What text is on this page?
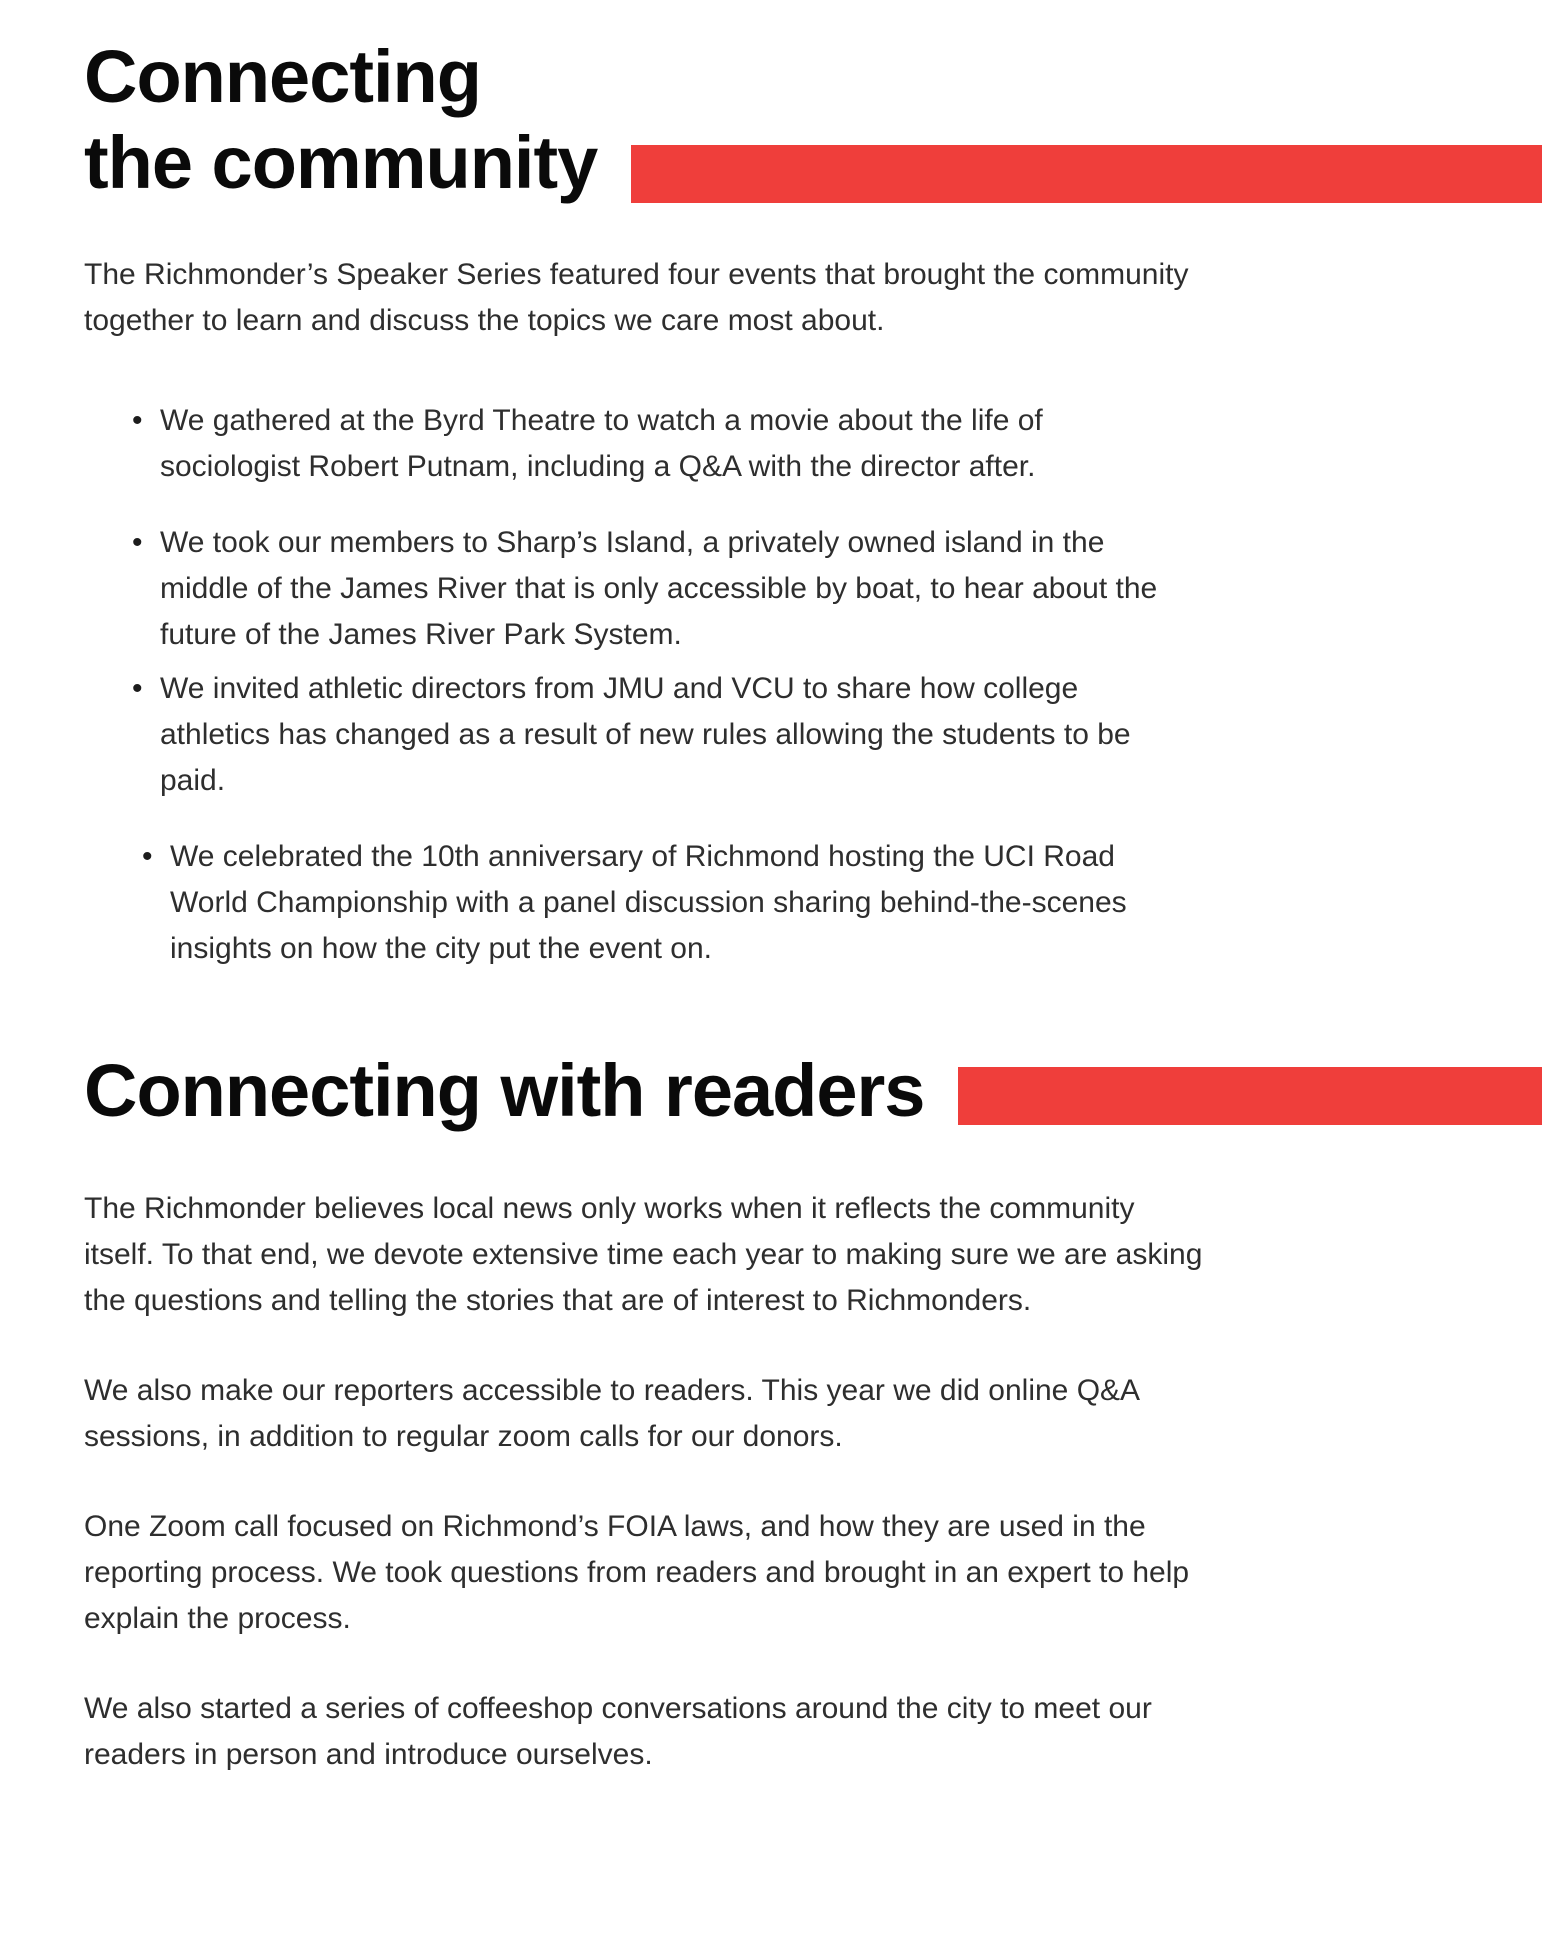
Connecting
the community

The Richmonder’s Speaker Series featured four events that brought the community together to learn and discuss the topics we care most about.

• We gathered at the Byrd Theatre to watch a movie about the life of sociologist Robert Putnam, including a Q&A with the director after.
• We took our members to Sharp’s Island, a privately owned island in the middle of the James River that is only accessible by boat, to hear about the future of the James River Park System.
• We invited athletic directors from JMU and VCU to share how college athletics has changed as a result of new rules allowing the students to be paid.
• We celebrated the 10th anniversary of Richmond hosting the UCI Road World Championship with a panel discussion sharing behind-the-scenes insights on how the city put the event on.
Connecting with readers

The Richmonder believes local news only works when it reflects the community itself. To that end, we devote extensive time each year to making sure we are asking the questions and telling the stories that are of interest to Richmonders.

We also make our reporters accessible to readers. This year we did online Q&A sessions, in addition to regular zoom calls for our donors.

One Zoom call focused on Richmond’s FOIA laws, and how they are used in the reporting process. We took questions from readers and brought in an expert to help explain the process.

We also started a series of coffeeshop conversations around the city to meet our readers in person and introduce ourselves.
